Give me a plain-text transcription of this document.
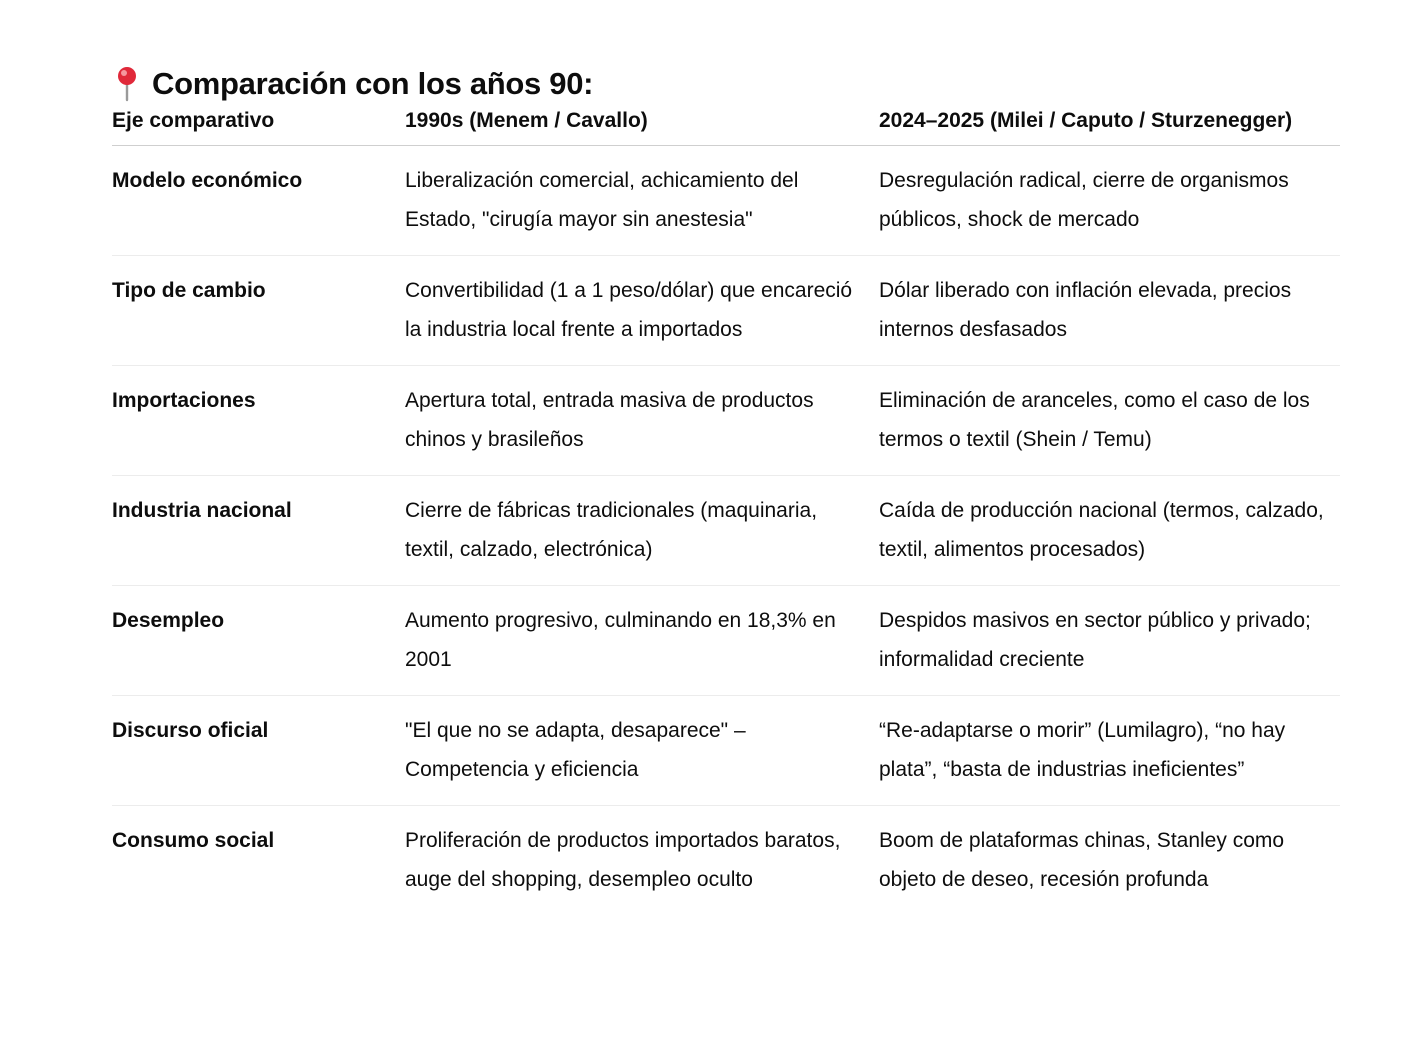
Comparación con los años 90:
Eje comparativo	1990s (Menem / Cavallo)	2024–2025 (Milei / Caputo / Sturzenegger)
Modelo económico	Liberalización comercial, achicamiento del Estado, "cirugía mayor sin anestesia"	Desregulación radical, cierre de organismos públicos, shock de mercado
Tipo de cambio	Convertibilidad (1 a 1 peso/dólar) que encareció la industria local frente a importados	Dólar liberado con inflación elevada, precios internos desfasados
Importaciones	Apertura total, entrada masiva de productos chinos y brasileños	Eliminación de aranceles, como el caso de los termos o textil (Shein / Temu)
Industria nacional	Cierre de fábricas tradicionales (maquinaria, textil, calzado, electrónica)	Caída de producción nacional (termos, calzado, textil, alimentos procesados)
Desempleo	Aumento progresivo, culminando en 18,3% en 2001	Despidos masivos en sector público y privado; informalidad creciente
Discurso oficial	"El que no se adapta, desaparece" – Competencia y eficiencia	“Re-adaptarse o morir” (Lumilagro), “no hay plata”, “basta de industrias ineficientes”
Consumo social	Proliferación de productos importados baratos, auge del shopping, desempleo oculto	Boom de plataformas chinas, Stanley como objeto de deseo, recesión profunda
